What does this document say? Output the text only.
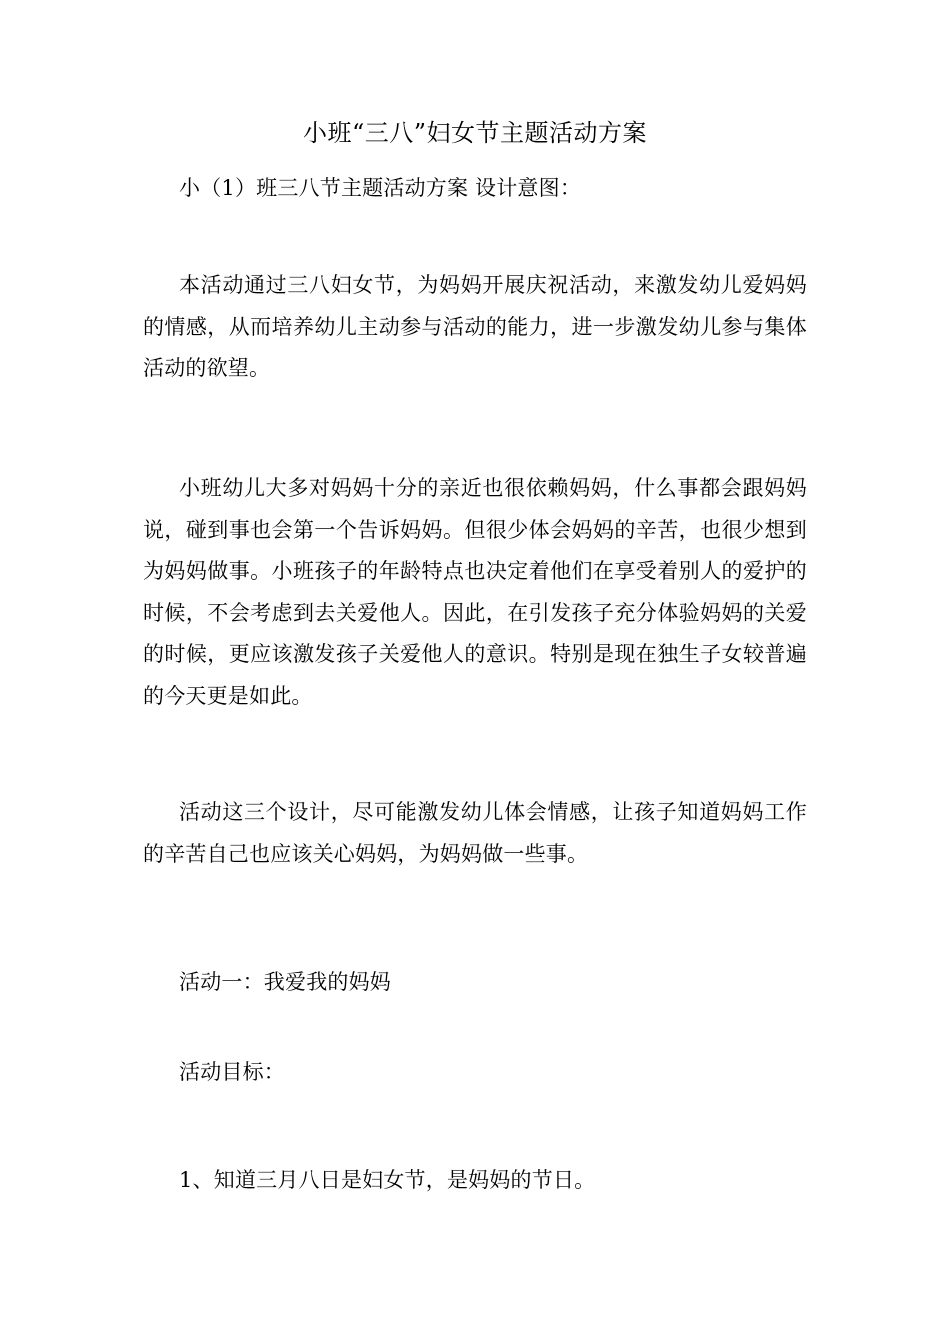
小班“三八”妇女节主题活动方案

小（1）班三八节主题活动方案 设计意图：

本活动通过三八妇女节，为妈妈开展庆祝活动，来激发幼儿爱妈妈的情感，从而培养幼儿主动参与活动的能力，进一步激发幼儿参与集体活动的欲望。

小班幼儿大多对妈妈十分的亲近也很依赖妈妈，什么事都会跟妈妈说，碰到事也会第一个告诉妈妈。但很少体会妈妈的辛苦，也很少想到为妈妈做事。小班孩子的年龄特点也决定着他们在享受着别人的爱护的时候，不会考虑到去关爱他人。因此，在引发孩子充分体验妈妈的关爱的时候，更应该激发孩子关爱他人的意识。特别是现在独生子女较普遍的今天更是如此。

活动这三个设计，尽可能激发幼儿体会情感，让孩子知道妈妈工作的辛苦自己也应该关心妈妈，为妈妈做一些事。

活动一：我爱我的妈妈

活动目标：

1、知道三月八日是妇女节，是妈妈的节日。
